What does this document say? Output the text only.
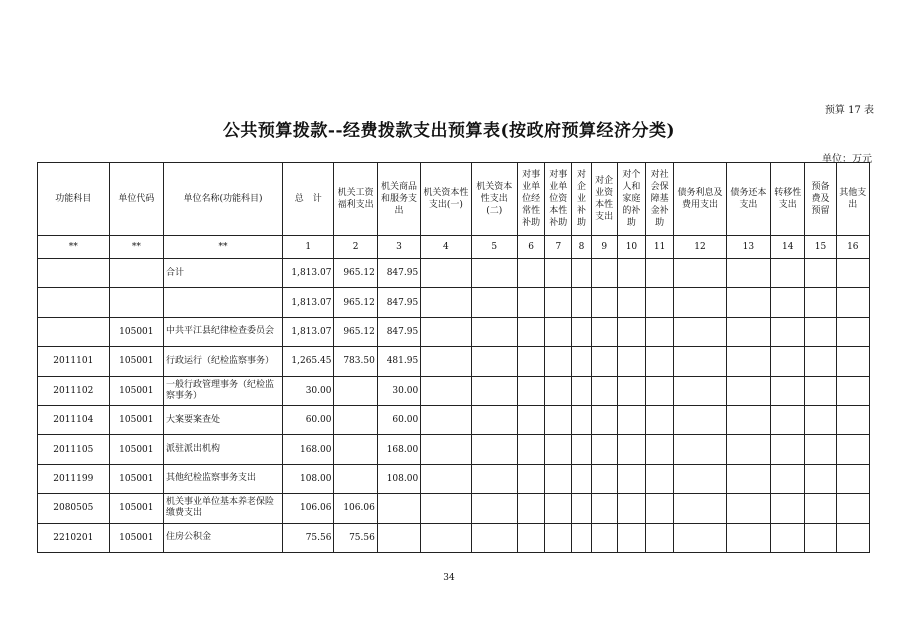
预算 17 表
公共预算拨款--经费拨款支出预算表(按政府预算经济分类)
单位：万元
功能科目	单位代码	单位名称(功能科目)	总　计	机关工资福利支出	机关商品和服务支出	机关资本性支出(一)	机关资本性支出(二)	对事业单位经常性补助	对事业单位资本性补助	对企业补助	对企业资本性支出	对个人和家庭的补助	对社会保障基金补助	债务利息及费用支出	债务还本支出	转移性支出	预备费及预留	其他支出
**	**	**	1	2	3	4	5	6	7	8	9	10	11	12	13	14	15	16
		合计	1,813.07	965.12	847.95													
			1,813.07	965.12	847.95													
	105001	中共平江县纪律检查委员会	1,813.07	965.12	847.95													
2011101	105001	行政运行（纪检监察事务）	1,265.45	783.50	481.95													
2011102	105001	一般行政管理事务（纪检监察事务）	30.00		30.00													
2011104	105001	大案要案查处	60.00		60.00													
2011105	105001	派驻派出机构	168.00		168.00													
2011199	105001	其他纪检监察事务支出	108.00		108.00													
2080505	105001	机关事业单位基本养老保险缴费支出	106.06	106.06														
2210201	105001	住房公积金	75.56	75.56														
34
